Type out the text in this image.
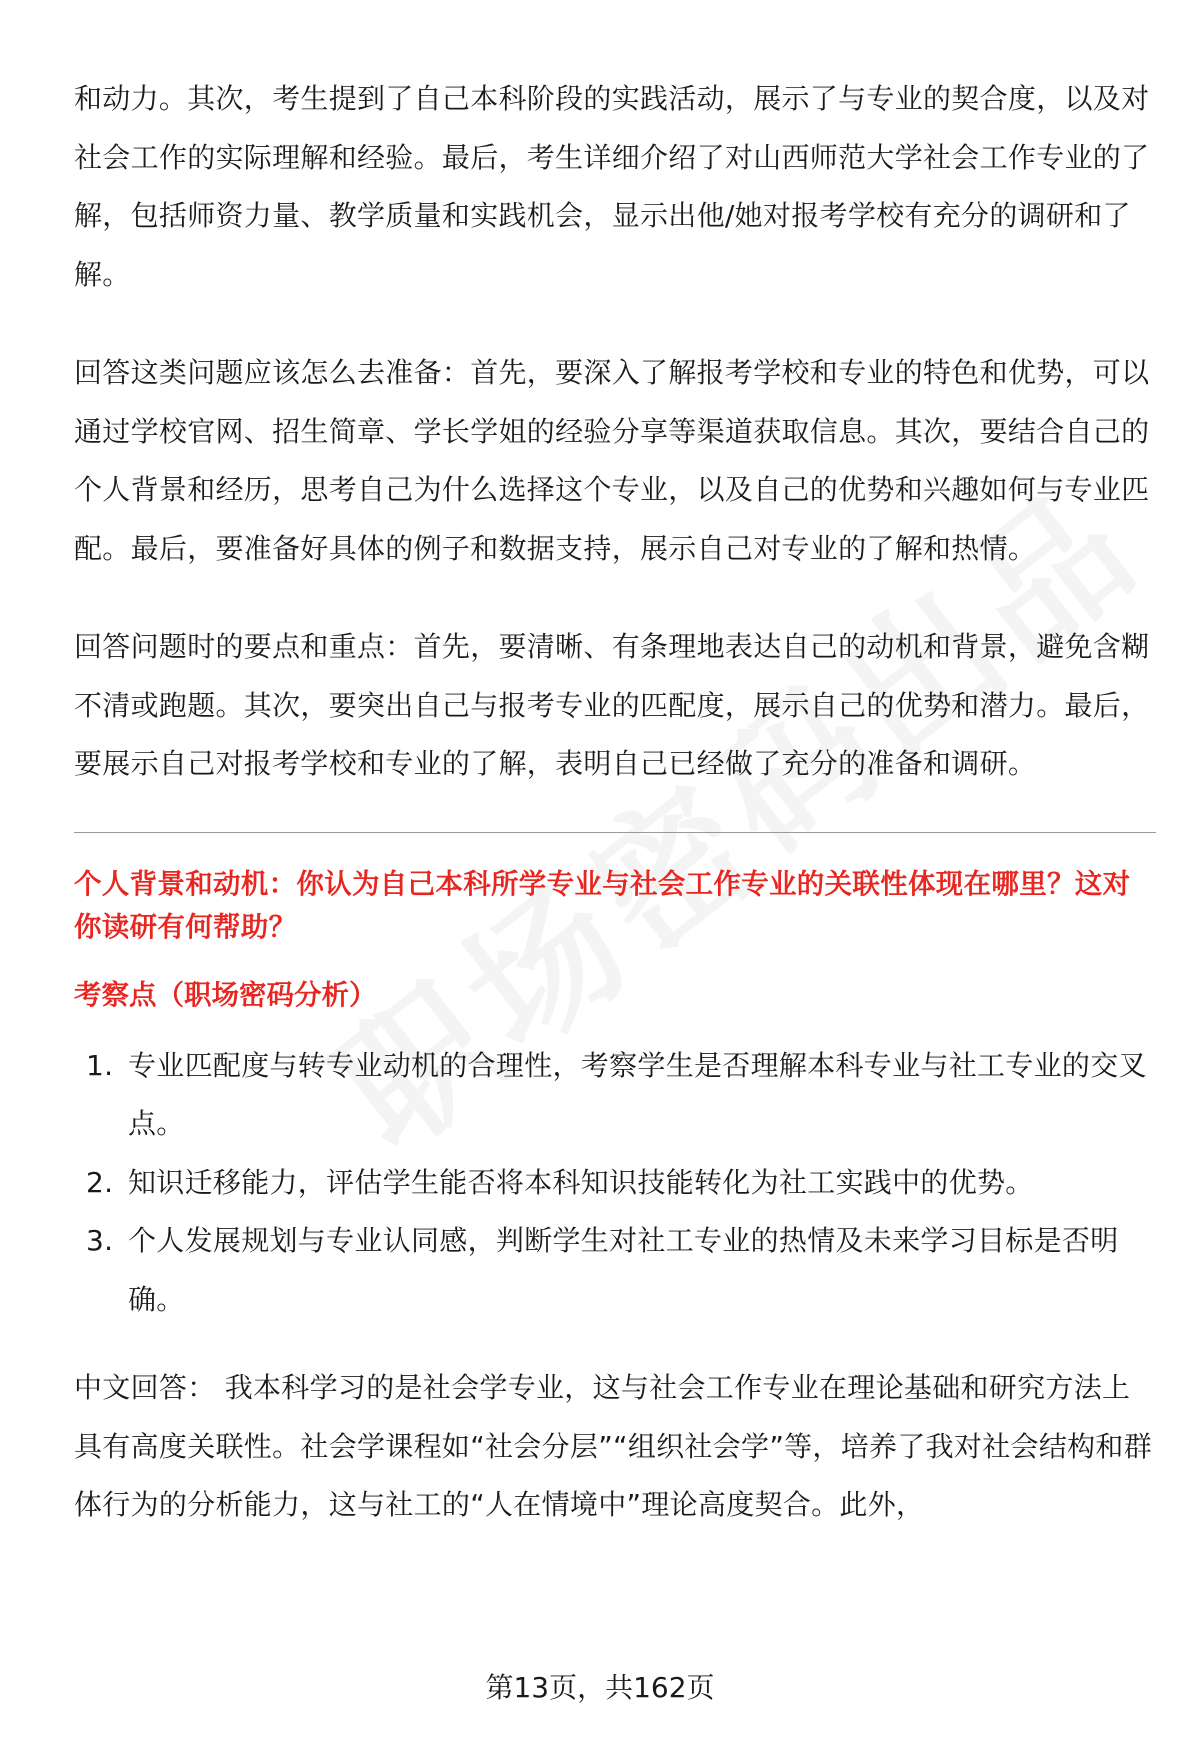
和动力。其次，考生提到了自己本科阶段的实践活动，展示了与专业的契合度，以及对社会工作的实际理解和经验。最后，考生详细介绍了对山西师范大学社会工作专业的了解，包括师资力量、教学质量和实践机会，显示出他/她对报考学校有充分的调研和了解。

回答这类问题应该怎么去准备：首先，要深入了解报考学校和专业的特色和优势，可以通过学校官网、招生简章、学长学姐的经验分享等渠道获取信息。其次，要结合自己的个人背景和经历，思考自己为什么选择这个专业，以及自己的优势和兴趣如何与专业匹配。最后，要准备好具体的例子和数据支持，展示自己对专业的了解和热情。

回答问题时的要点和重点：首先，要清晰、有条理地表达自己的动机和背景，避免含糊不清或跑题。其次，要突出自己与报考专业的匹配度，展示自己的优势和潜力。最后，要展示自己对报考学校和专业的了解，表明自己已经做了充分的准备和调研。

个人背景和动机：你认为自己本科所学专业与社会工作专业的关联性体现在哪里？这对你读研有何帮助？

考察点（职场密码分析）

1. 专业匹配度与转专业动机的合理性，考察学生是否理解本科专业与社工专业的交叉点。
2. 知识迁移能力，评估学生能否将本科知识技能转化为社工实践中的优势。
3. 个人发展规划与专业认同感，判断学生对社工专业的热情及未来学习目标是否明确。

中文回答： 我本科学习的是社会学专业，这与社会工作专业在理论基础和研究方法上具有高度关联性。社会学课程如“社会分层”“组织社会学”等，培养了我对社会结构和群体行为的分析能力，这与社工的“人在情境中”理论高度契合。此外，

第13页，共162页
